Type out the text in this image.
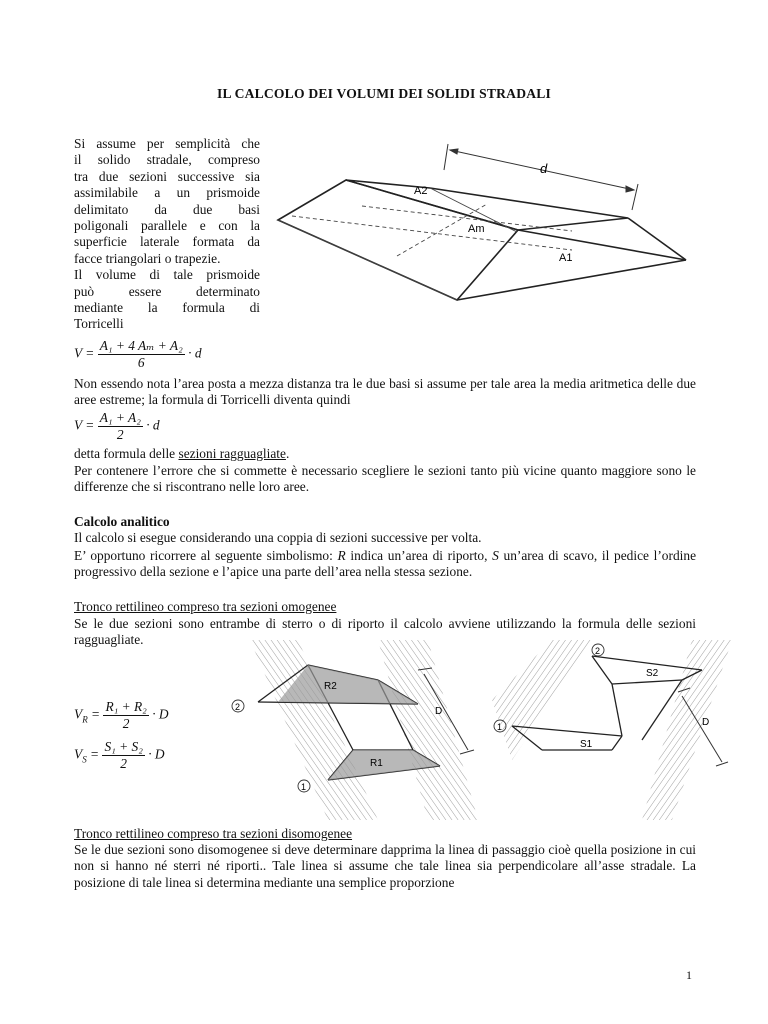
IL CALCOLO DEI VOLUMI DEI SOLIDI STRADALI
Si assume per semplicità che
il solido stradale, compreso
tra due sezioni successive sia
assimilabile a un prismoide
delimitato da due basi
poligonali parallele e con la
superficie laterale formata da
facce triangolari o trapezie.
Il volume di tale prismoide
può essere determinato
mediante la formula di
Torricelli
d
A2
Am
A1
$V = \frac{\text{A₁ + 4 Aₘ + A₂}}{6} \cdot d$
Non essendo nota l’area posta a mezza distanza tra le due basi si assume per tale area la media aritmetica delle due aree estreme; la formula di Torricelli diventa quindi
$V = \frac{\text{A₁ + A₂}}{2} \cdot d$
detta formula delle sezioni ragguagliate.
Per contenere l’errore che si commette è necessario scegliere le sezioni tanto più vicine quanto maggiore sono le differenze che si riscontrano nelle loro aree.
Calcolo analitico
Il calcolo si esegue considerando una coppia di sezioni successive per volta.
E’ opportuno ricorrere al seguente simbolismo: R indica un’area di riporto, S un’area di scavo, il pedice l’ordine progressivo della sezione e l’apice una parte dell’area nella stessa sezione.
Tronco rettilineo compreso tra sezioni omogenee
Se le due sezioni sono entrambe di sterro o di riporto il calcolo avviene utilizzando la formula delle sezioni ragguagliate.
$V_R = \frac{\text{R₁ + R₂}}{2} \cdot D$
$V_S = \frac{\text{S₁ + S₂}}{2} \cdot D$
R2
R1
D
2
1
S2
S1
D
2
1
Tronco rettilineo compreso tra sezioni disomogenee
Se le due sezioni sono disomogenee si deve determinare dapprima la linea di passaggio cioè quella posizione in cui non si hanno né sterri né riporti.. Tale linea si assume che tale linea sia perpendicolare all’asse stradale. La posizione di tale linea si determina mediante una semplice proporzione
1
